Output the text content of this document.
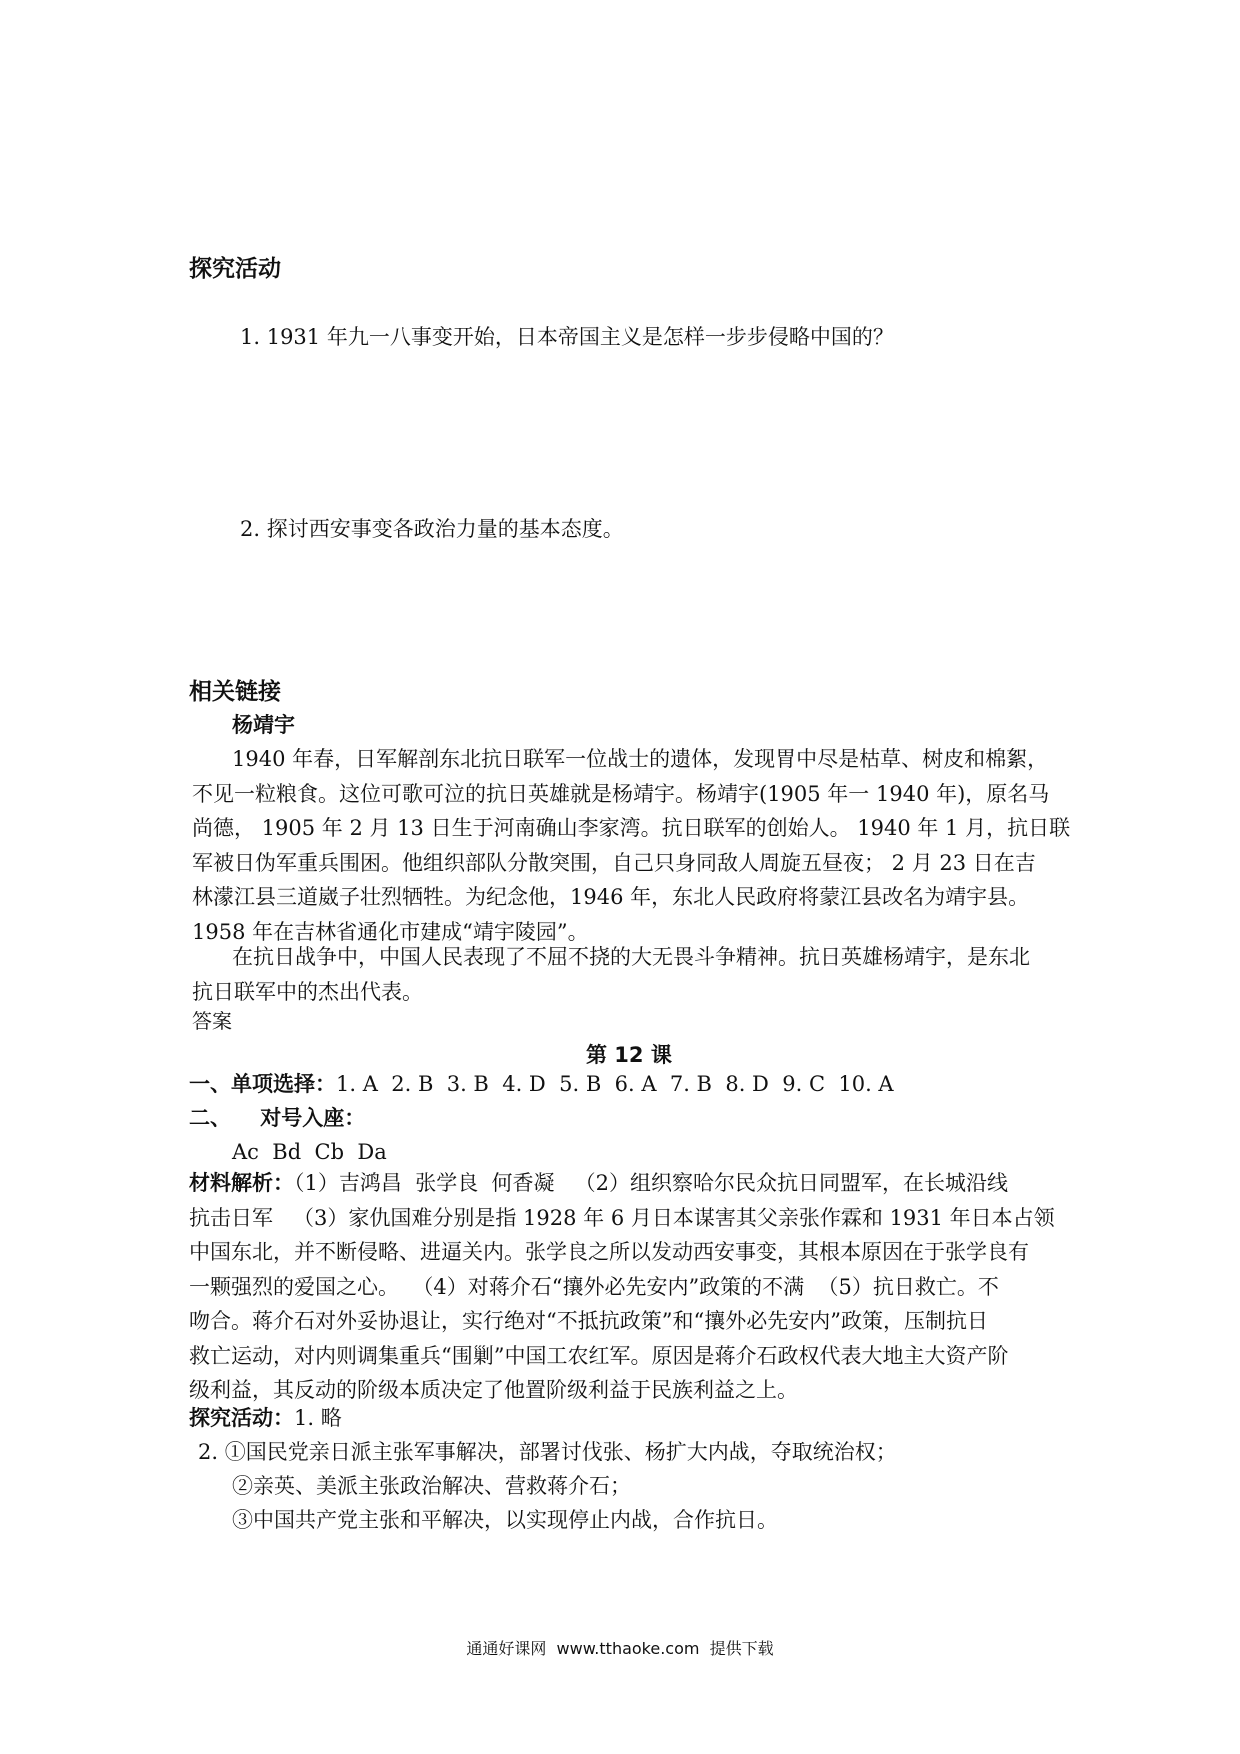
探究活动
1. 1931 年九一八事变开始，日本帝国主义是怎样一步步侵略中国的？
2. 探讨西安事变各政治力量的基本态度。
相关链接
杨靖宇
1940 年春，日军解剖东北抗日联军一位战士的遗体，发现胃中尽是枯草、树皮和棉絮，
不见一粒粮食。这位可歌可泣的抗日英雄就是杨靖宇。杨靖宇(1905 年一 1940 年)，原名马
尚德， 1905 年 2 月 13 日生于河南确山李家湾。抗日联军的创始人。 1940 年 1 月，抗日联
军被日伪军重兵围困。他组织部队分散突围，自己只身同敌人周旋五昼夜； 2 月 23 日在吉
林濛江县三道崴子壮烈牺牲。为纪念他，1946 年，东北人民政府将蒙江县改名为靖宇县。
1958 年在吉林省通化市建成“靖宇陵园”。
在抗日战争中，中国人民表现了不屈不挠的大无畏斗争精神。抗日英雄杨靖宇，是东北
抗日联军中的杰出代表。
答案
第 12 课
一、单项选择：1. A  2. B  3. B  4. D  5. B  6. A  7. B  8. D  9. C  10. A
二、    对号入座：
Ac  Bd  Cb  Da
材料解析：（1）吉鸿昌  张学良  何香凝   （2）组织察哈尔民众抗日同盟军，在长城沿线
抗击日军   （3）家仇国难分别是指 1928 年 6 月日本谋害其父亲张作霖和 1931 年日本占领
中国东北，并不断侵略、进逼关内。张学良之所以发动西安事变，其根本原因在于张学良有
一颗强烈的爱国之心。  （4）对蒋介石“攘外必先安内”政策的不满  （5）抗日救亡。不
吻合。蒋介石对外妥协退让，实行绝对“不抵抗政策”和“攘外必先安内”政策，压制抗日
救亡运动，对内则调集重兵“围剿”中国工农红军。原因是蒋介石政权代表大地主大资产阶
级利益，其反动的阶级本质决定了他置阶级利益于民族利益之上。
探究活动：1. 略
2. ①国民党亲日派主张军事解决，部署讨伐张、杨扩大内战，夺取统治权；
②亲英、美派主张政治解决、营救蒋介石；
③中国共产党主张和平解决，以实现停止内战，合作抗日。
通通好课网  www.tthaoke.com  提供下载
